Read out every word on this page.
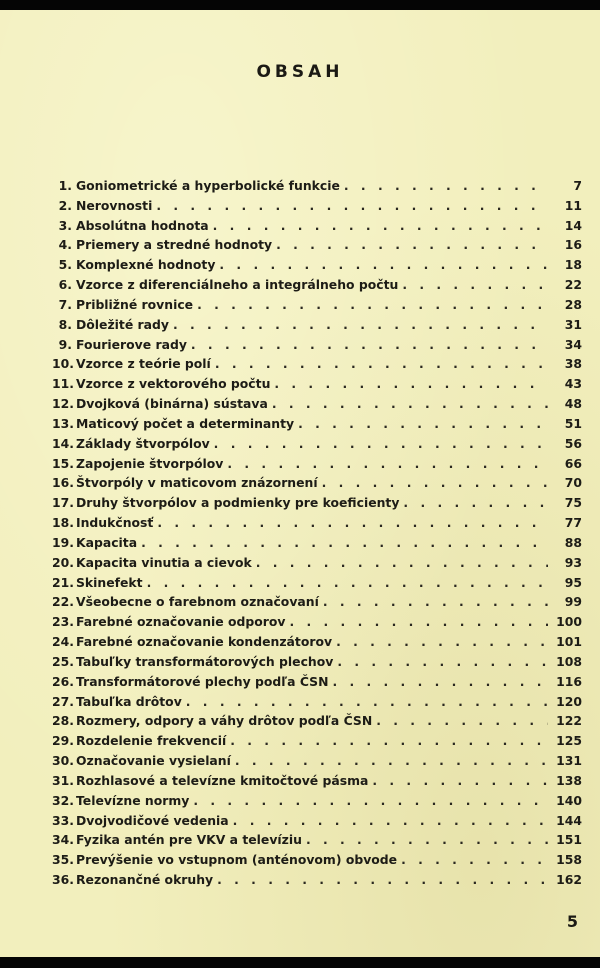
OBSAH
1. Goniometrické a hyperbolické funkcie . . .	7
2. Nerovnosti . . .	11
3. Absolútna hodnota . . .	14
4. Priemery a stredné hodnoty . . .	16
5. Komplexné hodnoty . . .	18
6. Vzorce z diferenciálneho a integrálneho počtu . . .	22
7. Približné rovnice . . .	28
8. Dôležité rady . . .	31
9. Fourierove rady . . .	34
10. Vzorce z teórie polí . . .	38
11. Vzorce z vektorového počtu . . .	43
12. Dvojková (binárna) sústava . . .	48
13. Maticový počet a determinanty . . .	51
14. Základy štvorpólov . . .	56
15. Zapojenie štvorpólov . . .	66
16. Štvorpóly v maticovom znázornení . . .	70
17. Druhy štvorpólov a podmienky pre koeficienty . . .	75
18. Indukčnosť . . .	77
19. Kapacita . . .	88
20. Kapacita vinutia a cievok . . .	93
21. Skinefekt . . .	95
22. Všeobecne o farebnom označovaní . . .	99
23. Farebné označovanie odporov . . .	100
24. Farebné označovanie kondenzátorov . . .	101
25. Tabuľky transformátorových plechov . . .	108
26. Transformátorové plechy podľa ČSN . . .	116
27. Tabuľka drôtov . . .	120
28. Rozmery, odpory a váhy drôtov podľa ČSN . . .	122
29. Rozdelenie frekvencií . . .	125
30. Označovanie vysielaní . . .	131
31. Rozhlasové a televízne kmitočtové pásma . . .	138
32. Televízne normy . . .	140
33. Dvojvodičové vedenia . . .	144
34. Fyzika antén pre VKV a televíziu . . .	151
35. Prevýšenie vo vstupnom (anténovom) obvode . . .	158
36. Rezonančné okruhy . . .	162
5
